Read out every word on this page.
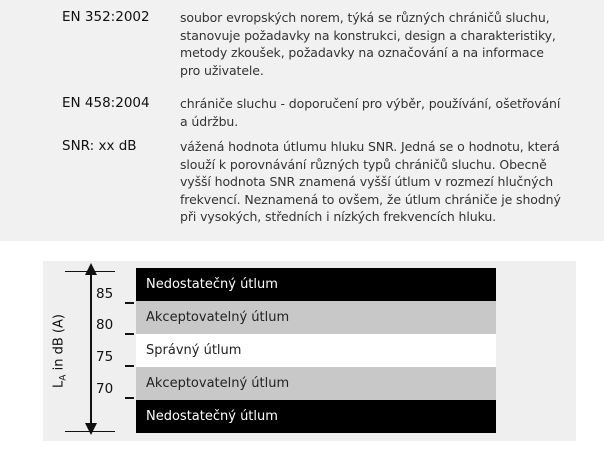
EN 352:2002 soubor evropských norem, týká se různých chráničů sluchu,
stanovuje požadavky na konstrukci, design a charakteristiky,
metody zkoušek, požadavky na označování a na informace
pro uživatele.
EN 458:2004 chrániče sluchu - doporučení pro výběr, používání, ošetřování
a údržbu.
SNR: xx dB	vážená hodnota útlumu hluku SNR. Jedná se o hodnotu, která
slouží k porovnávání různých typů chráničů sluchu. Obecně
vyšší hodnota SNR znamená vyšší útlum v rozmezí hlučných
frekvencí. Neznamená to ovšem, že útlum chrániče je shodný
při vysokých, středních i nízkých frekvencích hluku.
$L_A$ in dB (A)
85
80
75
70
Nedostatečný útlum
Akceptovatelný útlum
Správný útlum
Akceptovatelný útlum
Nedostatečný útlum
